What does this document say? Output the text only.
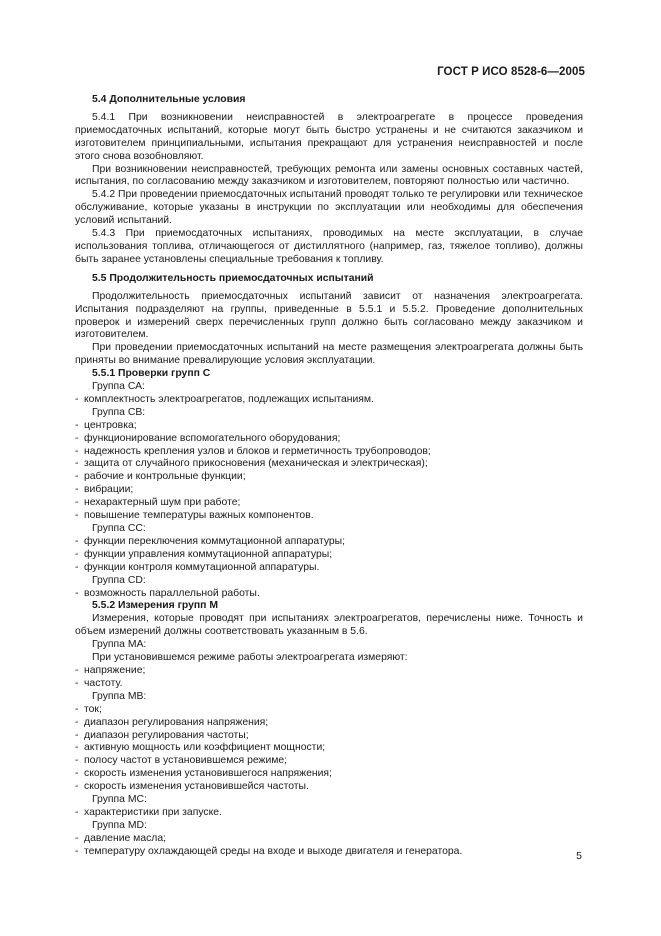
ГОСТ Р ИСО 8528-6—2005

5.4 Дополнительные условия

5.4.1 При возникновении неисправностей в электроагрегате в процессе проведения приемосдаточных испытаний, которые могут быть быстро устранены и не считаются заказчиком и изготовителем принципиальными, испытания прекращают для устранения неисправностей и после этого снова возобновляют.

При возникновении неисправностей, требующих ремонта или замены основных составных частей, испытания, по согласованию между заказчиком и изготовителем, повторяют полностью или частично.

5.4.2 При проведении приемосдаточных испытаний проводят только те регулировки или техническое обслуживание, которые указаны в инструкции по эксплуатации или необходимы для обеспечения условий испытаний.

5.4.3 При приемосдаточных испытаниях, проводимых на месте эксплуатации, в случае использования топлива, отличающегося от дистиллятного (например, газ, тяжелое топливо), должны быть заранее установлены специальные требования к топливу.

5.5 Продолжительность приемосдаточных испытаний

Продолжительность приемосдаточных испытаний зависит от назначения электроагрегата. Испытания подразделяют на группы, приведенные в 5.5.1 и 5.5.2. Проведение дополнительных проверок и измерений сверх перечисленных групп должно быть согласовано между заказчиком и изготовителем.

При проведении приемосдаточных испытаний на месте размещения электроагрегата должны быть приняты во внимание превалирующие условия эксплуатации.

5.5.1 Проверки групп С

Группа СА:

- комплектность электроагрегатов, подлежащих испытаниям.

Группа СВ:

- центровка;
- функционирование вспомогательного оборудования;
- надежность крепления узлов и блоков и герметичность трубопроводов;
- защита от случайного прикосновения (механическая и электрическая);
- рабочие и контрольные функции;
- вибрации;
- нехарактерный шум при работе;
- повышение температуры важных компонентов.

Группа СС:

- функции переключения коммутационной аппаратуры;
- функции управления коммутационной аппаратуры;
- функции контроля коммутационной аппаратуры.

Группа CD:

- возможность параллельной работы.

5.5.2 Измерения групп М

Измерения, которые проводят при испытаниях электроагрегатов, перечислены ниже. Точность и объем измерений должны соответствовать указанным в 5.6.

Группа МА:

При установившемся режиме работы электроагрегата измеряют:

- напряжение;
- частоту.

Группа МВ:

- ток;
- диапазон регулирования напряжения;
- диапазон регулирования частоты;
- активную мощность или коэффициент мощности;
- полосу частот в установившемся режиме;
- скорость изменения установившегося напряжения;
- скорость изменения установившейся частоты.

Группа МС:

- характеристики при запуске.

Группа MD:

- давление масла;
- температуру охлаждающей среды на входе и выходе двигателя и генератора.	5
